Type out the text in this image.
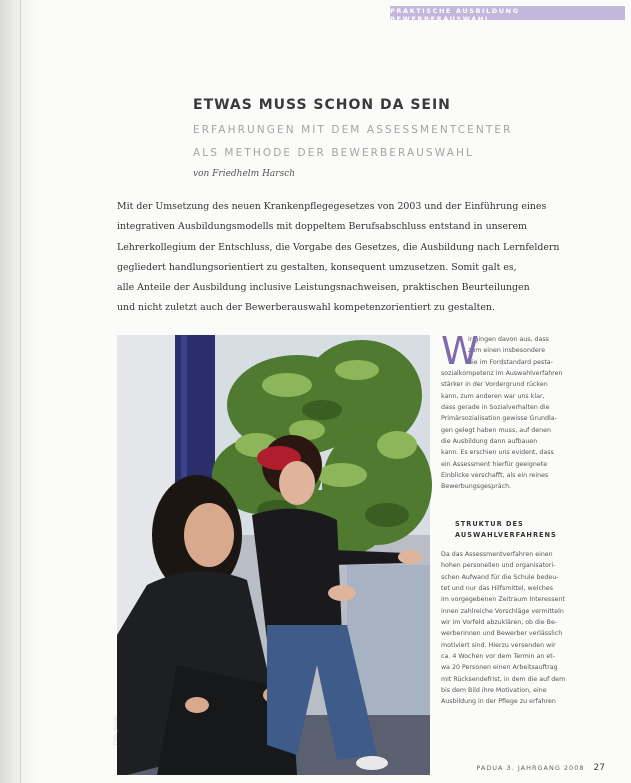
PRAKTISCHE AUSBILDUNG BEWERBERAUSWAHL
ETWAS MUSS SCHON DA SEIN
ERFAHRUNGEN MIT DEM ASSESSMENTCENTER
ALS METHODE DER BEWERBERAUSWAHL
von Friedhelm Harsch
Mit der Umsetzung des neuen Krankenpflegegesetzes von 2003 und der Einführung eines
integrativen Ausbildungsmodells mit doppeltem Berufsabschluss entstand in unserem
Lehrerkollegium der Entschluss, die Vorgabe des Gesetzes, die Ausbildung nach Lernfeldern
gegliedert handlungsorientiert zu gestalten, konsequent umzusetzen. Somit galt es,
alle Anteile der Ausbildung inclusive Leistungsnachweisen, praktischen Beurteilungen
und nicht zuletzt auch der Bewerberauswahl kompetenzorientiert zu gestalten.
Foto: privat
W
ir gingen davon aus, dass
zum einen insbesondere
die im Fordstandard pesta-
sozialkompetenz im Auswahlverfahren
stärker in der Vordergrund rücken
kann, zum anderen war uns klar,
dass gerade in Sozialverhalten die
Primärsozialisation gewisse Grundla-
gen gelegt haben muss, auf denen
die Ausbildung dann aufbauen
kann. Es erschien uns evident, dass
ein Assessment hierfür geeignete
Einblicke verschafft, als ein reines
Bewerbungsgespräch.
STRUKTUR DES
AUSWAHLVERFAHRENS
Da das Assessmentverfahren einen
hohen personellen und organisatori-
schen Aufwand für die Schule bedeu-
tet und nur das Hilfsmittel, welches
im vorgegebenen Zeitraum Interessent
innen zahlreiche Vorschläge vermitteln
wir im Vorfeld abzuklären, ob die Be-
werberinnen und Bewerber verlässlich
motiviert sind. Hierzu versenden wir
ca. 4 Wochen vor dem Termin an et-
wa 20 Personen einen Arbeitsauftrag
mit Rücksendefrist, in dem die auf dem
bis dem Bild ihre Motivation, eine
Ausbildung in der Pflege zu erfahren
PADUA 3. JAHRGANG 2008 27
